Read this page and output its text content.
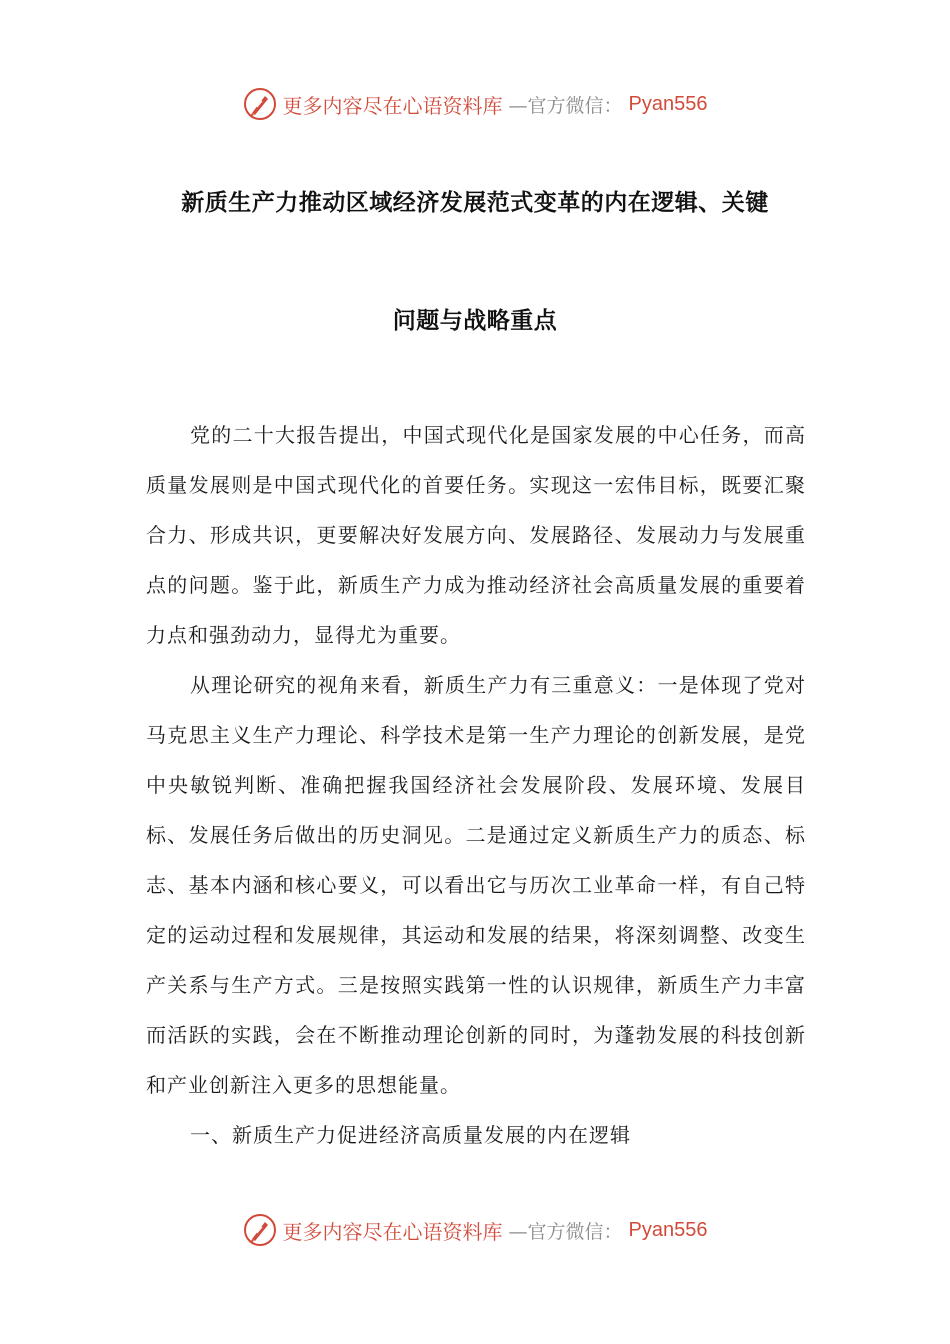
更多内容尽在心语资料库 —官方微信： Pyan556
新质生产力推动区域经济发展范式变革的内在逻辑、关键
问题与战略重点

党的二十大报告提出，中国式现代化是国家发展的中心任务，而高质量发展则是中国式现代化的首要任务。实现这一宏伟目标，既要汇聚合力、形成共识，更要解决好发展方向、发展路径、发展动力与发展重点的问题。鉴于此，新质生产力成为推动经济社会高质量发展的重要着力点和强劲动力，显得尤为重要。

从理论研究的视角来看，新质生产力有三重意义：一是体现了党对马克思主义生产力理论、科学技术是第一生产力理论的创新发展，是党中央敏锐判断、准确把握我国经济社会发展阶段、发展环境、发展目标、发展任务后做出的历史洞见。二是通过定义新质生产力的质态、标志、基本内涵和核心要义，可以看出它与历次工业革命一样，有自己特定的运动过程和发展规律，其运动和发展的结果，将深刻调整、改变生产关系与生产方式。三是按照实践第一性的认识规律，新质生产力丰富而活跃的实践，会在不断推动理论创新的同时，为蓬勃发展的科技创新和产业创新注入更多的思想能量。

一、新质生产力促进经济高质量发展的内在逻辑

更多内容尽在心语资料库 —官方微信： Pyan556
